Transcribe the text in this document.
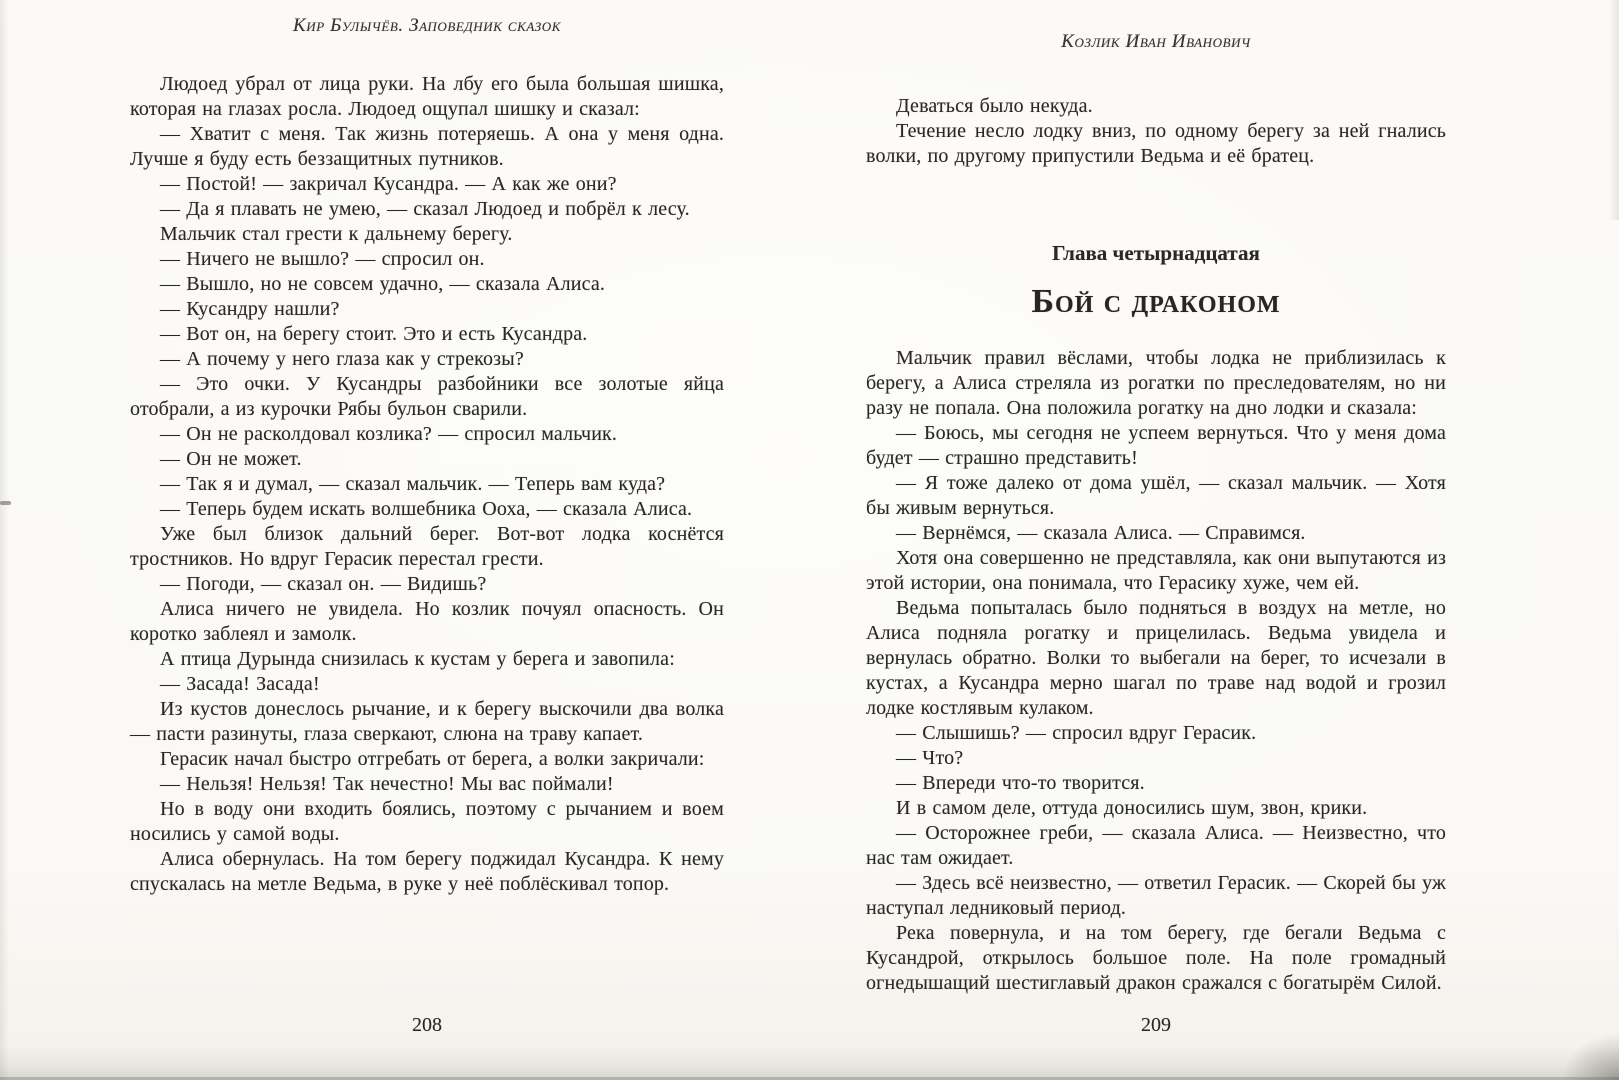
Кир Булычёв. Заповедник сказок

Людоед убрал от лица руки. На лбу его была большая шишка, которая на глазах росла. Людоед ощупал шишку и сказал:

— Хватит с меня. Так жизнь потеряешь. А она у меня одна. Лучше я буду есть беззащитных путников.

— Постой! — закричал Кусандра. — А как же они?

— Да я плавать не умею, — сказал Людоед и побрёл к лесу.

Мальчик стал грести к дальнему берегу.

— Ничего не вышло? — спросил он.

— Вышло, но не совсем удачно, — сказала Алиса.

— Кусандру нашли?

— Вот он, на берегу стоит. Это и есть Кусандра.

— А почему у него глаза как у стрекозы?

— Это очки. У Кусандры разбойники все золотые яйца отобрали, а из курочки Рябы бульон сварили.

— Он не расколдовал козлика? — спросил мальчик.

— Он не может.

— Так я и думал, — сказал мальчик. — Теперь вам куда?

— Теперь будем искать волшебника Ооха, — сказала Алиса.

Уже был близок дальний берег. Вот-вот лодка коснётся тростников. Но вдруг Герасик перестал грести.

— Погоди, — сказал он. — Видишь?

Алиса ничего не увидела. Но козлик почуял опасность. Он коротко заблеял и замолк.

А птица Дурында снизилась к кустам у берега и завопила:

— Засада! Засада!

Из кустов донеслось рычание, и к берегу выскочили два волка — пасти разинуты, глаза сверкают, слюна на траву капает.

Герасик начал быстро отгребать от берега, а волки закричали:

— Нельзя! Нельзя! Так нечестно! Мы вас поймали!

Но в воду они входить боялись, поэтому с рычанием и воем носились у самой воды.

Алиса обернулась. На том берегу поджидал Кусандра. К нему спускалась на метле Ведьма, в руке у неё поблёскивал топор.

Козлик Иван Иванович

Деваться было некуда.

Течение несло лодку вниз, по одному берегу за ней гнались волки, по другому припустили Ведьма и её братец.

Глава четырнадцатая
Бой с драконом

Мальчик правил вёслами, чтобы лодка не приблизилась к берегу, а Алиса стреляла из рогатки по преследователям, но ни разу не попала. Она положила рогатку на дно лодки и сказала:

— Боюсь, мы сегодня не успеем вернуться. Что у меня дома будет — страшно представить!

— Я тоже далеко от дома ушёл, — сказал мальчик. — Хотя бы живым вернуться.

— Вернёмся, — сказала Алиса. — Справимся.

Хотя она совершенно не представляла, как они выпутаются из этой истории, она понимала, что Герасику хуже, чем ей.

Ведьма попыталась было подняться в воздух на метле, но Алиса подняла рогатку и прицелилась. Ведьма увидела и вернулась обратно. Волки то выбегали на берег, то исчезали в кустах, а Кусандра мерно шагал по траве над водой и грозил лодке костлявым кулаком.

— Слышишь? — спросил вдруг Герасик.

— Что?

— Впереди что-то творится.

И в самом деле, оттуда доносились шум, звон, крики.

— Осторожнее греби, — сказала Алиса. — Неизвестно, что нас там ожидает.

— Здесь всё неизвестно, — ответил Герасик. — Скорей бы уж наступал ледниковый период.

Река повернула, и на том берегу, где бегали Ведьма с Кусандрой, открылось большое поле. На поле громадный огнедышащий шестиглавый дракон сражался с богатырём Силой.

208	209
